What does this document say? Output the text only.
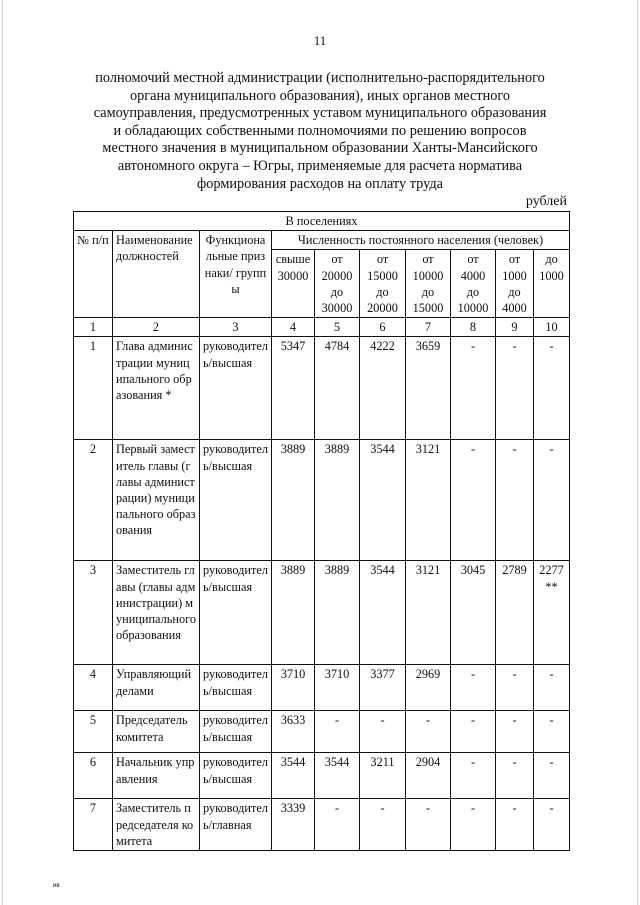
11
полномочий местной администрации (исполнительно-распорядительного
органа муниципального образования), иных органов местного
самоуправления, предусмотренных уставом муниципального образования
и обладающих собственными полномочиями по решению вопросов
местного значения в муниципальном образовании Ханты-Мансийского
автономного округа – Югры, применяемые для расчета норматива
формирования расходов на оплату труда
рублей
В поселениях									
№ п/п	Наименование должностей	Функциональные признаки/ группы	Численность постоянного населения (человек)						
			свыше 30000	от 20000 до 30000	от 15000 до 20000	от 10000 до 15000	от 4000 до 10000	от 1000 до 4000	до 1000
1	2	3	4	5	6	7	8	9	10
1	Глава администрации муниципального образования *	руководитель/высшая	5347	4784	4222	3659	-	-	-
2	Первый заместитель главы (главы администрации) муниципального образования	руководитель/высшая	3889	3889	3544	3121	-	-	-
3	Заместитель главы (главы администрации) муниципального образования	руководитель/высшая	3889	3889	3544	3121	3045	2789	2277 **
4	Управляющий делами	руководитель/высшая	3710	3710	3377	2969	-	-	-
5	Председатель комитета	руководитель/высшая	3633	-	-	-	-	-	-
6	Начальник управления	руководитель/высшая	3544	3544	3211	2904	-	-	-
7	Заместитель председателя комитета	руководитель/главная	3339	-	-	-	-	-	-
ив
